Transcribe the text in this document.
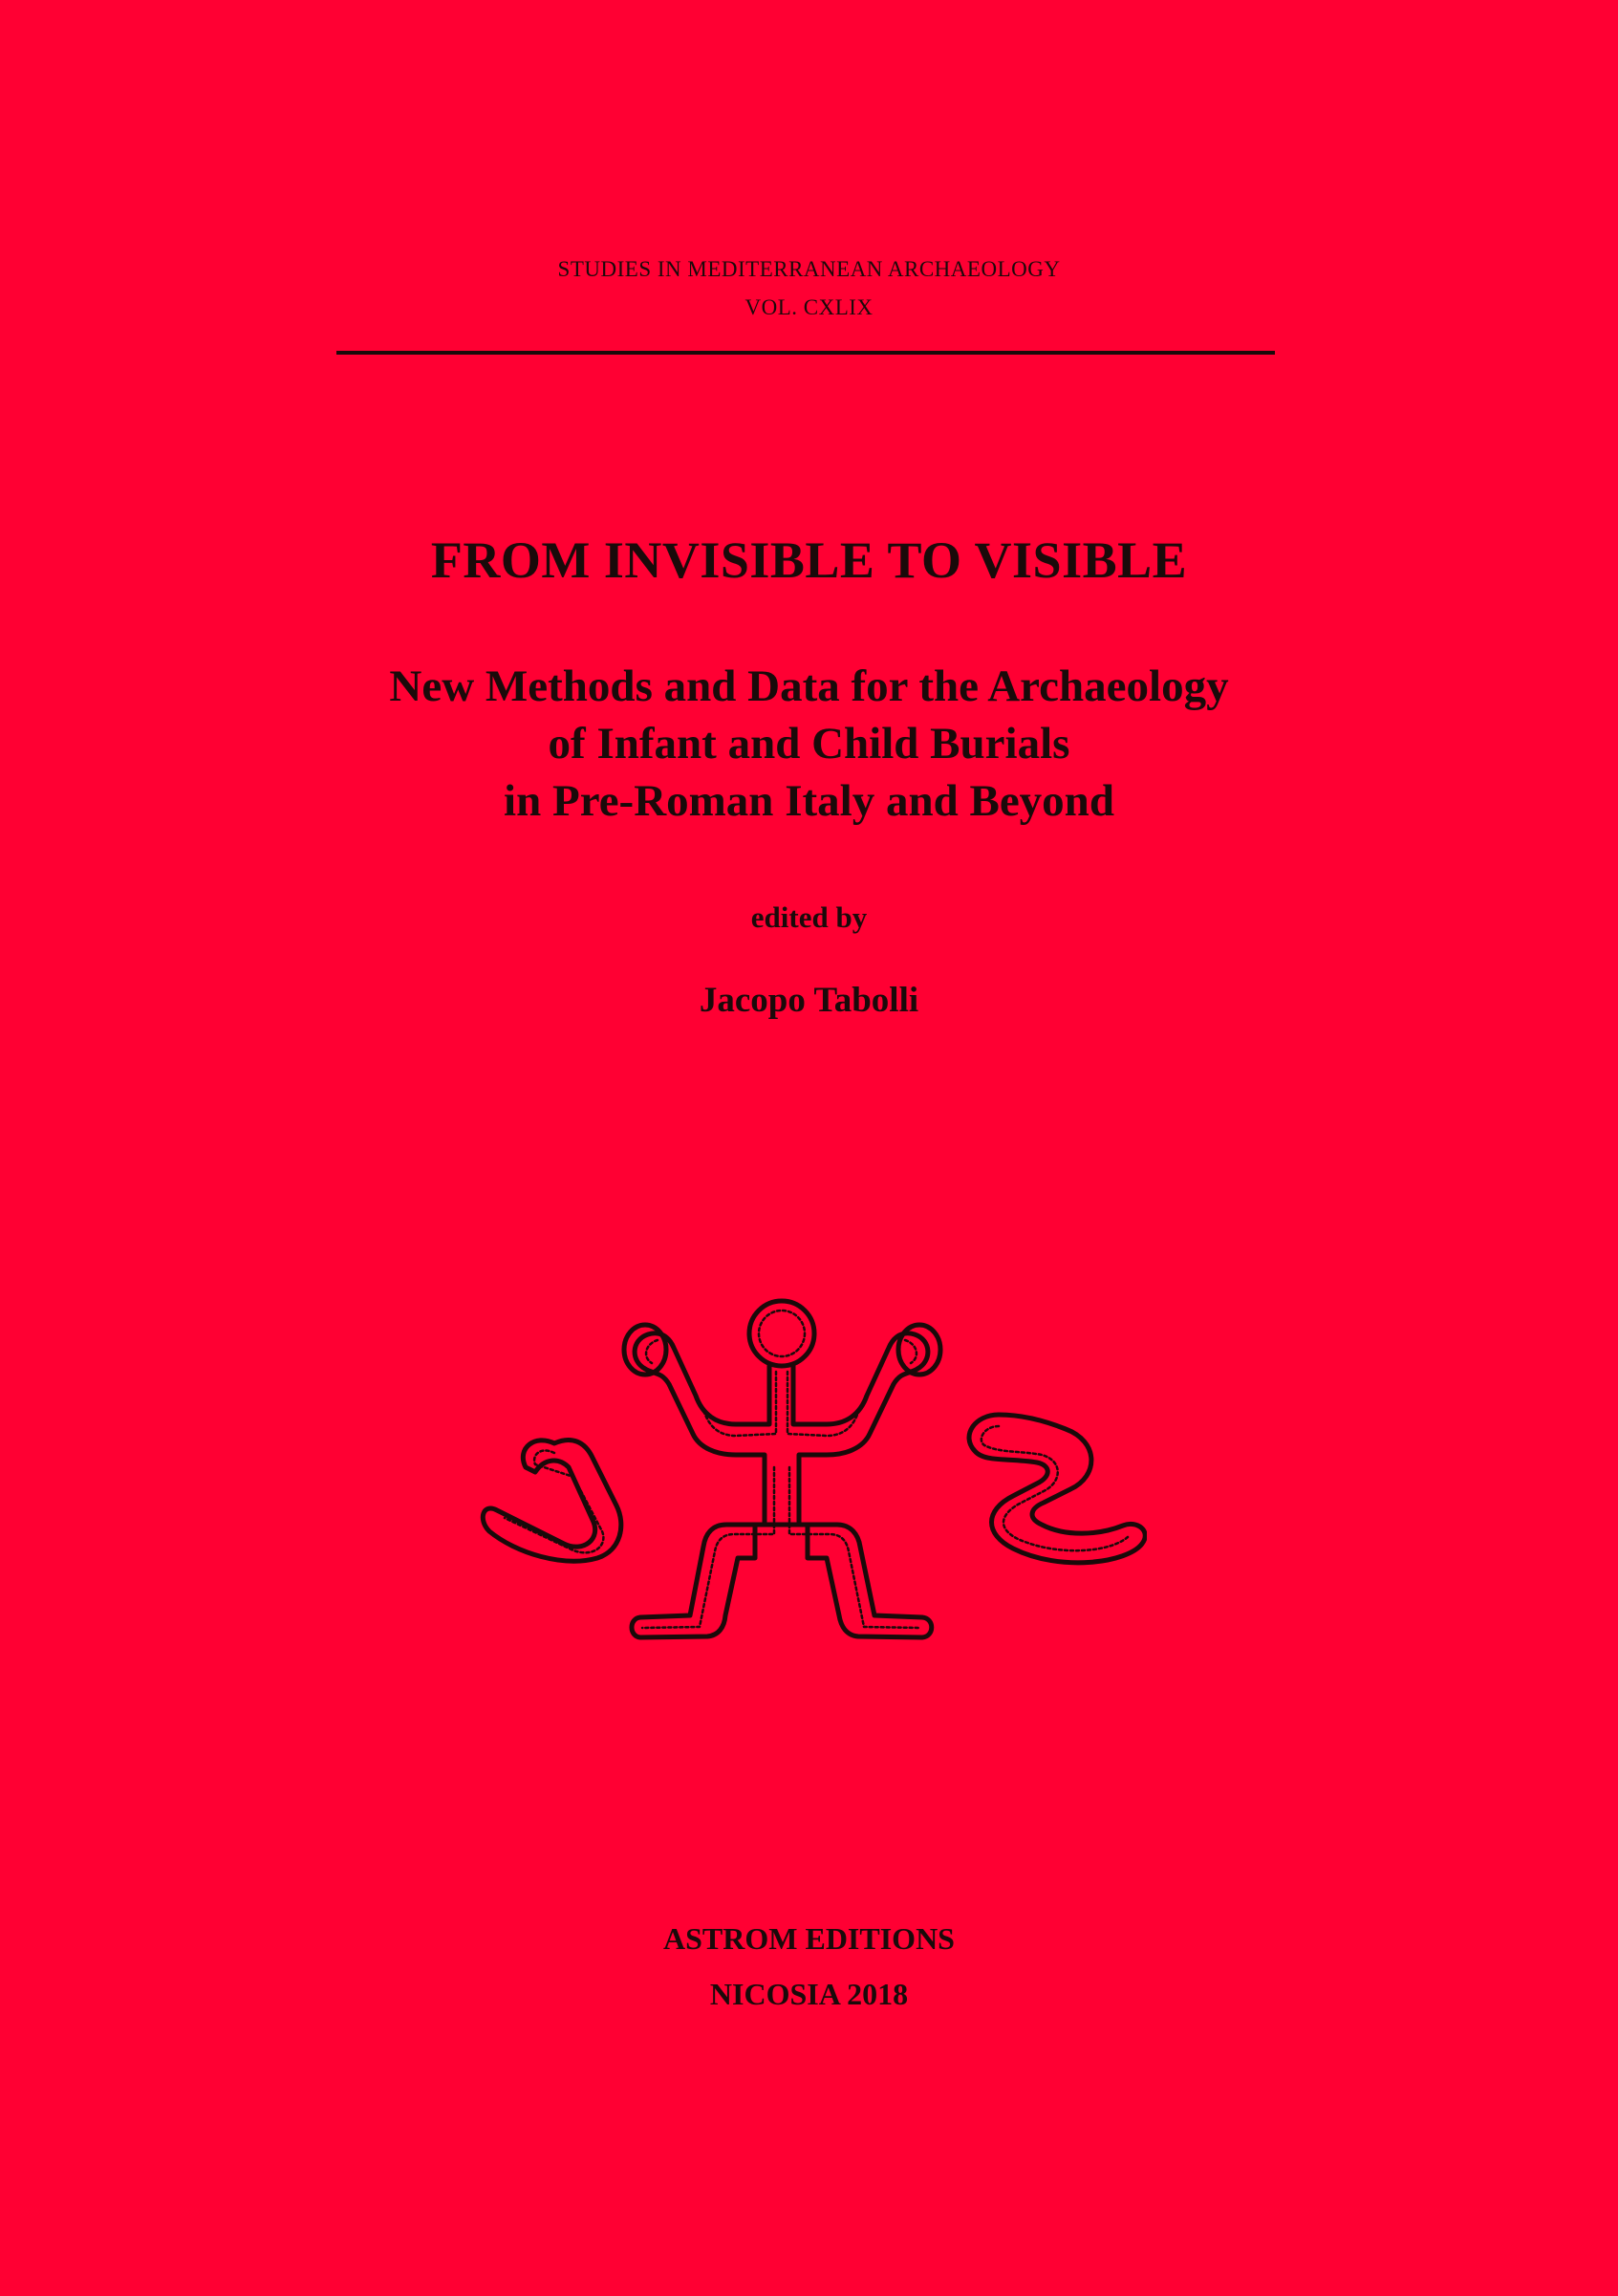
STUDIES IN MEDITERRANEAN ARCHAEOLOGY
VOL. CXLIX
FROM INVISIBLE TO VISIBLE
New Methods and Data for the Archaeology
of Infant and Child Burials
in Pre-Roman Italy and Beyond
edited by
Jacopo Tabolli
ASTROM EDITIONS
NICOSIA 2018
